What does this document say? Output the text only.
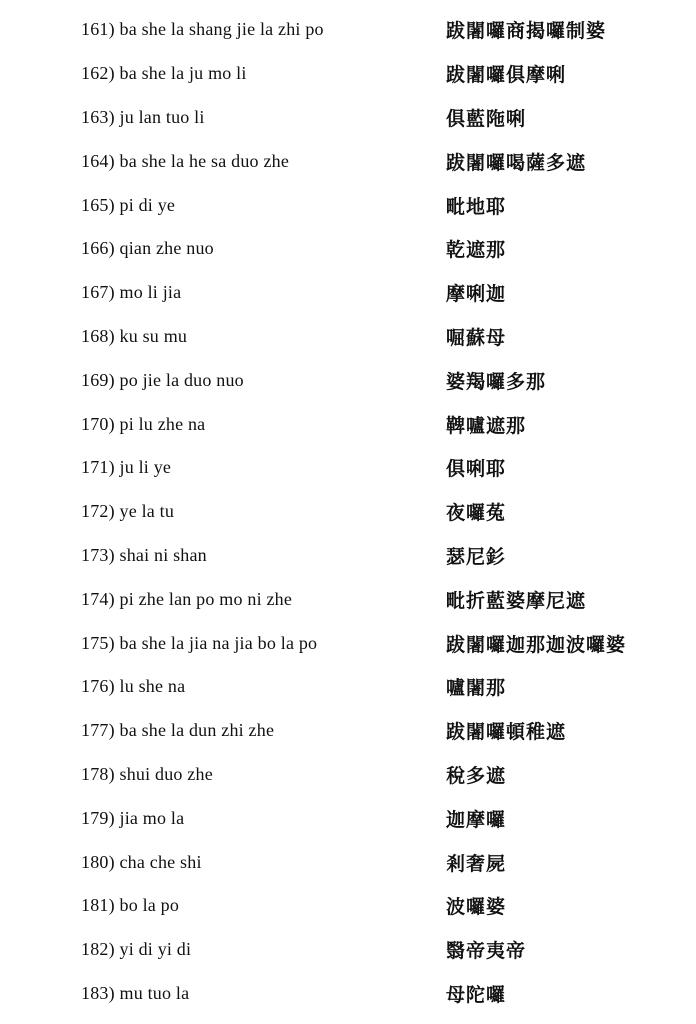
161) ba she la shang jie la zhi po	跋闍囉商揭囉制婆
162) ba she la ju mo li	跋闍囉俱摩唎
163) ju lan tuo li	俱藍陁唎
164) ba she la he sa duo zhe	跋闍囉喝薩多遮
165) pi di ye	毗地耶
166) qian zhe nuo	乾遮那
167) mo li jia	摩唎迦
168) ku su mu	啒蘇母
169) po jie la duo nuo	婆羯囉多那
170) pi lu zhe na	鞞嚧遮那
171) ju li ye	俱唎耶
172) ye la tu	夜囉菟
173) shai ni shan	瑟尼釤
174) pi zhe lan po mo ni zhe	毗折藍婆摩尼遮
175) ba she la jia na jia bo la po	跋闍囉迦那迦波囉婆
176) lu she na	嚧闍那
177) ba she la dun zhi zhe	跋闍囉頓稚遮
178) shui duo zhe	稅多遮
179) jia mo la	迦摩囉
180) cha che shi	剎奢屍
181) bo la po	波囉婆
182) yi di yi di	翳帝夷帝
183) mu tuo la	母陀囉
